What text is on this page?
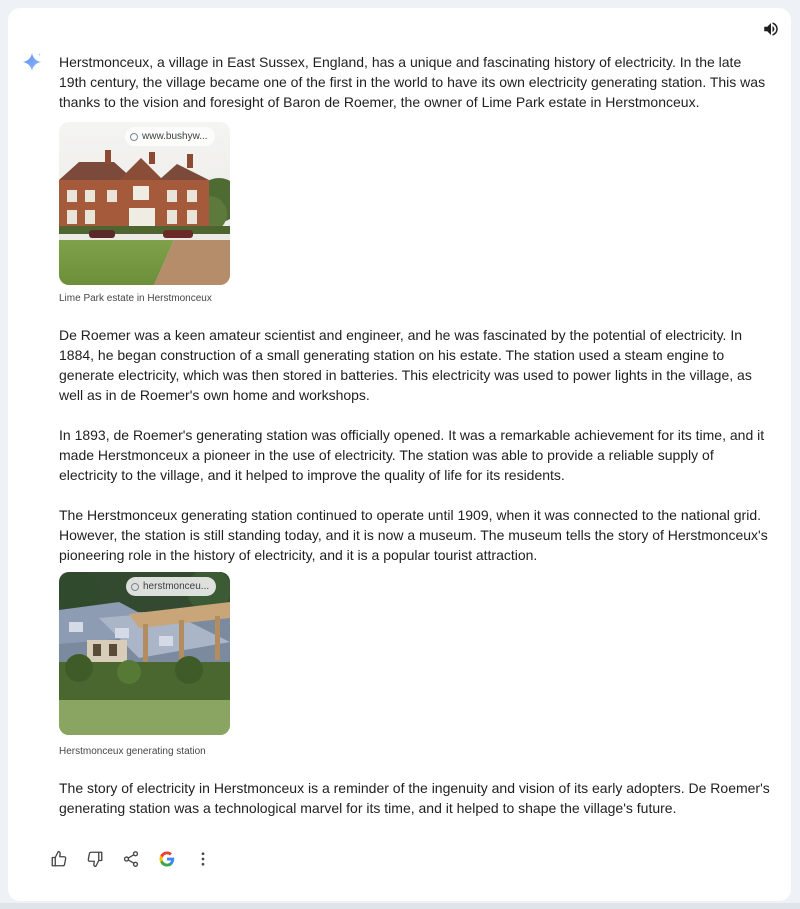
Herstmonceux, a village in East Sussex, England, has a unique and fascinating history of electricity. In the late 19th century, the village became one of the first in the world to have its own electricity generating station. This was thanks to the vision and foresight of Baron de Roemer, the owner of Lime Park estate in Herstmonceux.

www.bushyw...
Lime Park estate in Herstmonceux

De Roemer was a keen amateur scientist and engineer, and he was fascinated by the potential of electricity. In 1884, he began construction of a small generating station on his estate. The station used a steam engine to generate electricity, which was then stored in batteries. This electricity was used to power lights in the village, as well as in de Roemer's own home and workshops.

In 1893, de Roemer's generating station was officially opened. It was a remarkable achievement for its time, and it made Herstmonceux a pioneer in the use of electricity. The station was able to provide a reliable supply of electricity to the village, and it helped to improve the quality of life for its residents.

The Herstmonceux generating station continued to operate until 1909, when it was connected to the national grid. However, the station is still standing today, and it is now a museum. The museum tells the story of Herstmonceux's pioneering role in the history of electricity, and it is a popular tourist attraction.

herstmonceu...
Herstmonceux generating station

The story of electricity in Herstmonceux is a reminder of the ingenuity and vision of its early adopters. De Roemer's generating station was a technological marvel for its time, and it helped to shape the village's future.
